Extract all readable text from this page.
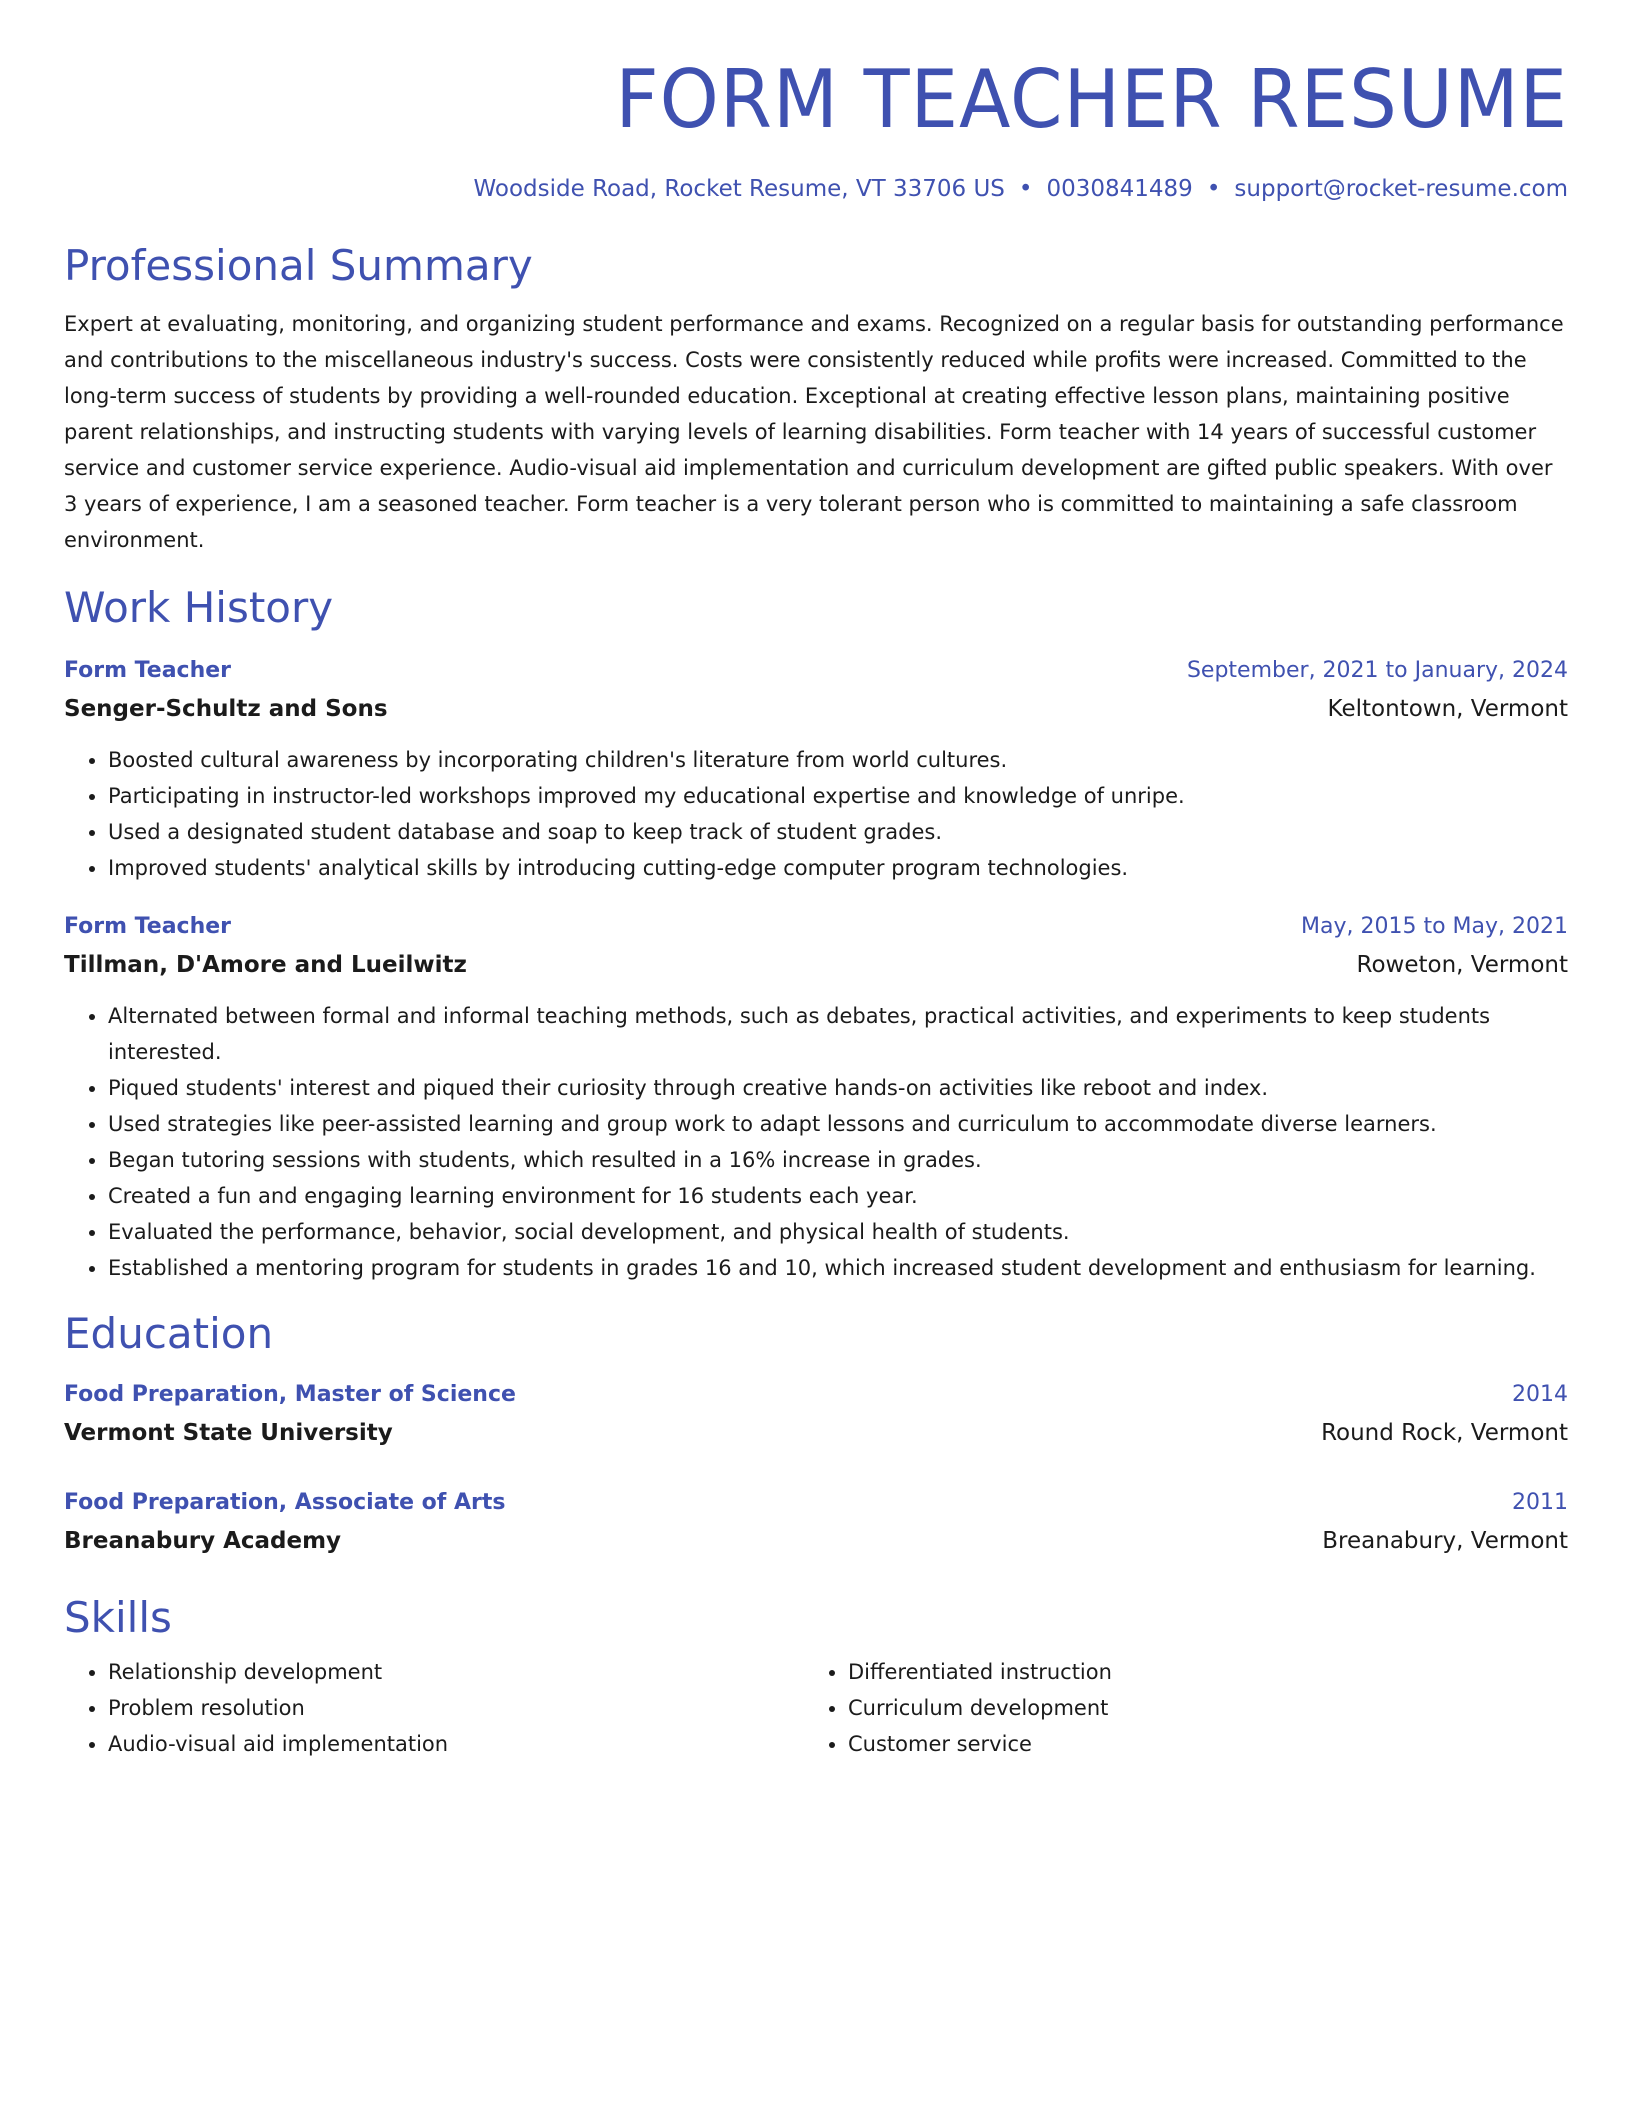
FORM TEACHER RESUME
Woodside Road, Rocket Resume, VT 33706 US • 0030841489 • support@rocket-resume.com
Professional Summary
Expert at evaluating, monitoring, and organizing student performance and exams. Recognized on a regular basis for outstanding performance and contributions to the miscellaneous industry's success. Costs were consistently reduced while profits were increased. Committed to the long-term success of students by providing a well-rounded education. Exceptional at creating effective lesson plans, maintaining positive parent relationships, and instructing students with varying levels of learning disabilities. Form teacher with 14 years of successful customer service and customer service experience. Audio-visual aid implementation and curriculum development are gifted public speakers. With over 3 years of experience, I am a seasoned teacher. Form teacher is a very tolerant person who is committed to maintaining a safe classroom environment.
Work History
Form Teacher	September, 2021 to January, 2024
Senger-Schultz and Sons	Keltontown, Vermont
• Boosted cultural awareness by incorporating children's literature from world cultures.
• Participating in instructor-led workshops improved my educational expertise and knowledge of unripe.
• Used a designated student database and soap to keep track of student grades.
• Improved students' analytical skills by introducing cutting-edge computer program technologies.
Form Teacher	May, 2015 to May, 2021
Tillman, D'Amore and Lueilwitz	Roweton, Vermont
• Alternated between formal and informal teaching methods, such as debates, practical activities, and experiments to keep students interested.
• Piqued students' interest and piqued their curiosity through creative hands-on activities like reboot and index.
• Used strategies like peer-assisted learning and group work to adapt lessons and curriculum to accommodate diverse learners.
• Began tutoring sessions with students, which resulted in a 16% increase in grades.
• Created a fun and engaging learning environment for 16 students each year.
• Evaluated the performance, behavior, social development, and physical health of students.
• Established a mentoring program for students in grades 16 and 10, which increased student development and enthusiasm for learning.
Education
Food Preparation, Master of Science	2014
Vermont State University	Round Rock, Vermont
Food Preparation, Associate of Arts	2011
Breanabury Academy	Breanabury, Vermont
Skills
• Relationship development
• Problem resolution
• Audio-visual aid implementation
• Differentiated instruction
• Curriculum development
• Customer service
